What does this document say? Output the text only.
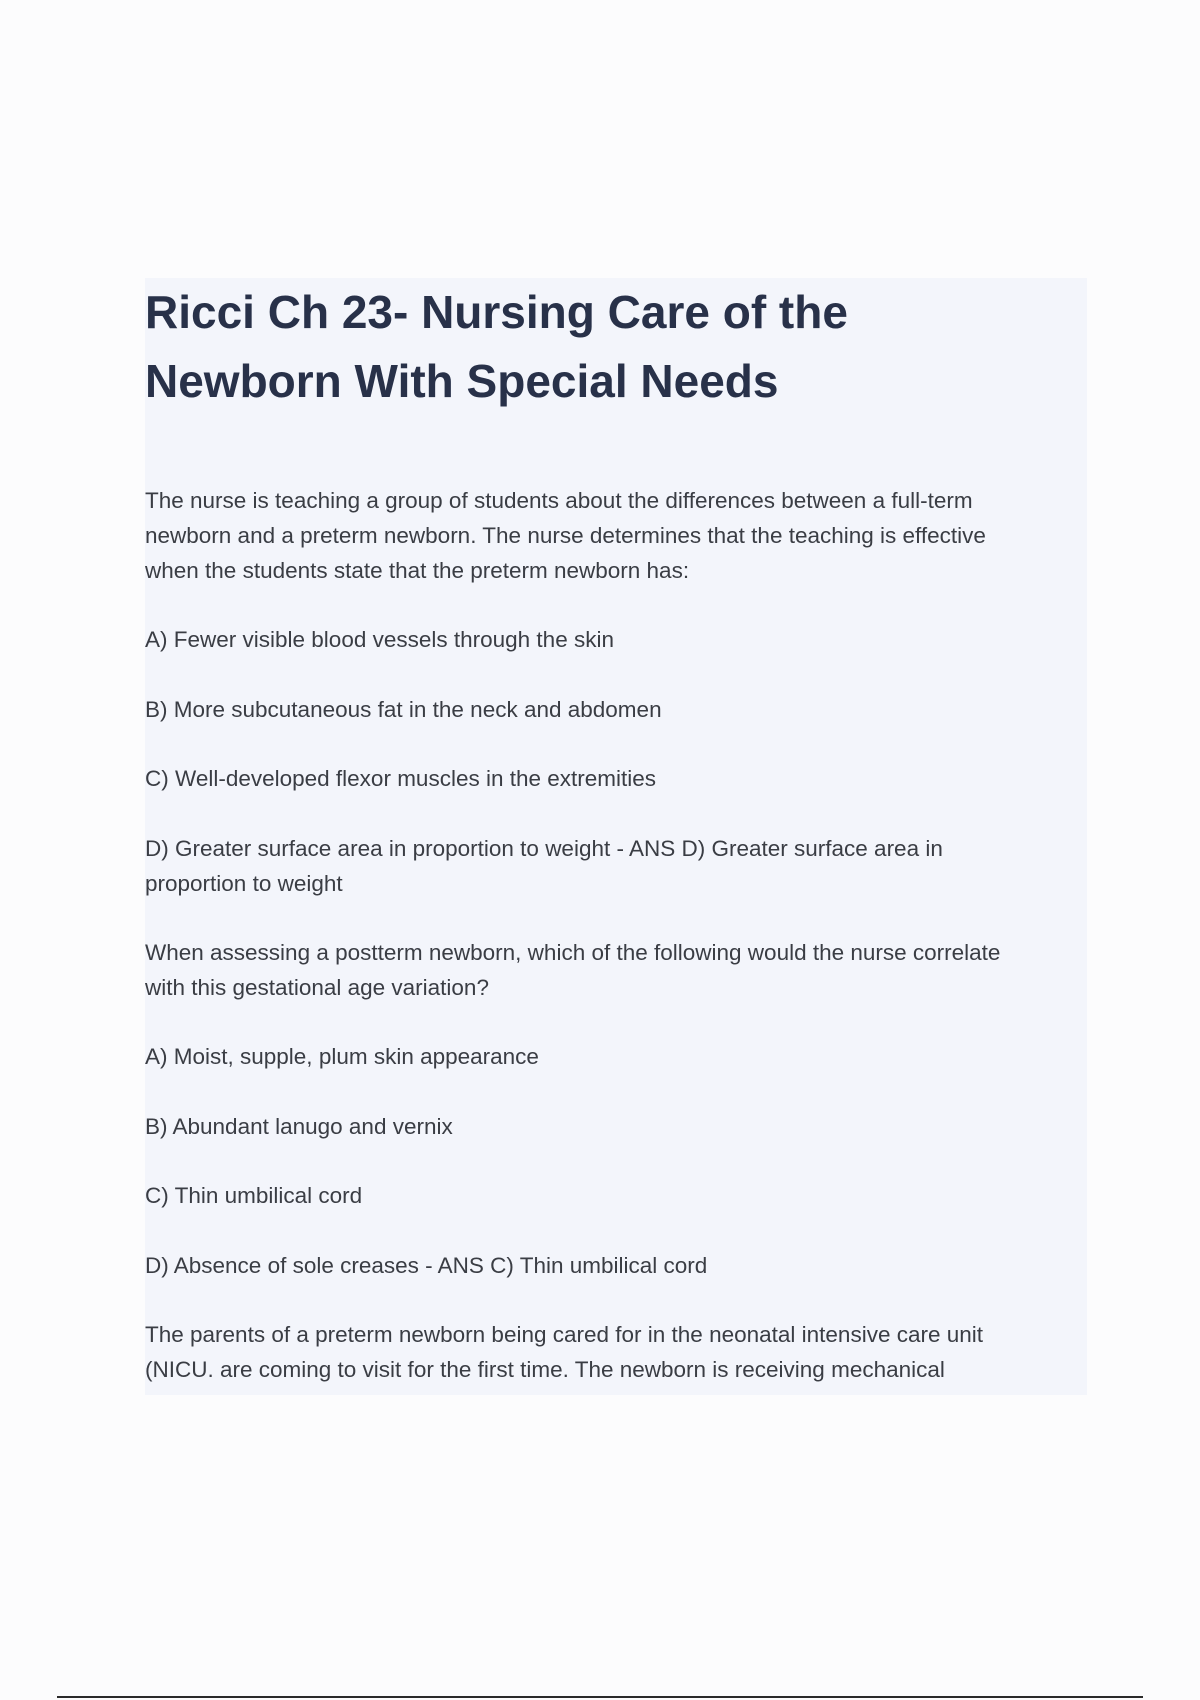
Ricci Ch 23- Nursing Care of the
Newborn With Special Needs

The nurse is teaching a group of students about the differences between a full-term
newborn and a preterm newborn. The nurse determines that the teaching is effective
when the students state that the preterm newborn has:

A) Fewer visible blood vessels through the skin

B) More subcutaneous fat in the neck and abdomen

C) Well-developed flexor muscles in the extremities

D) Greater surface area in proportion to weight - ANS D) Greater surface area in
proportion to weight

When assessing a postterm newborn, which of the following would the nurse correlate
with this gestational age variation?

A) Moist, supple, plum skin appearance

B) Abundant lanugo and vernix

C) Thin umbilical cord

D) Absence of sole creases - ANS C) Thin umbilical cord

The parents of a preterm newborn being cared for in the neonatal intensive care unit
(NICU. are coming to visit for the first time. The newborn is receiving mechanical
